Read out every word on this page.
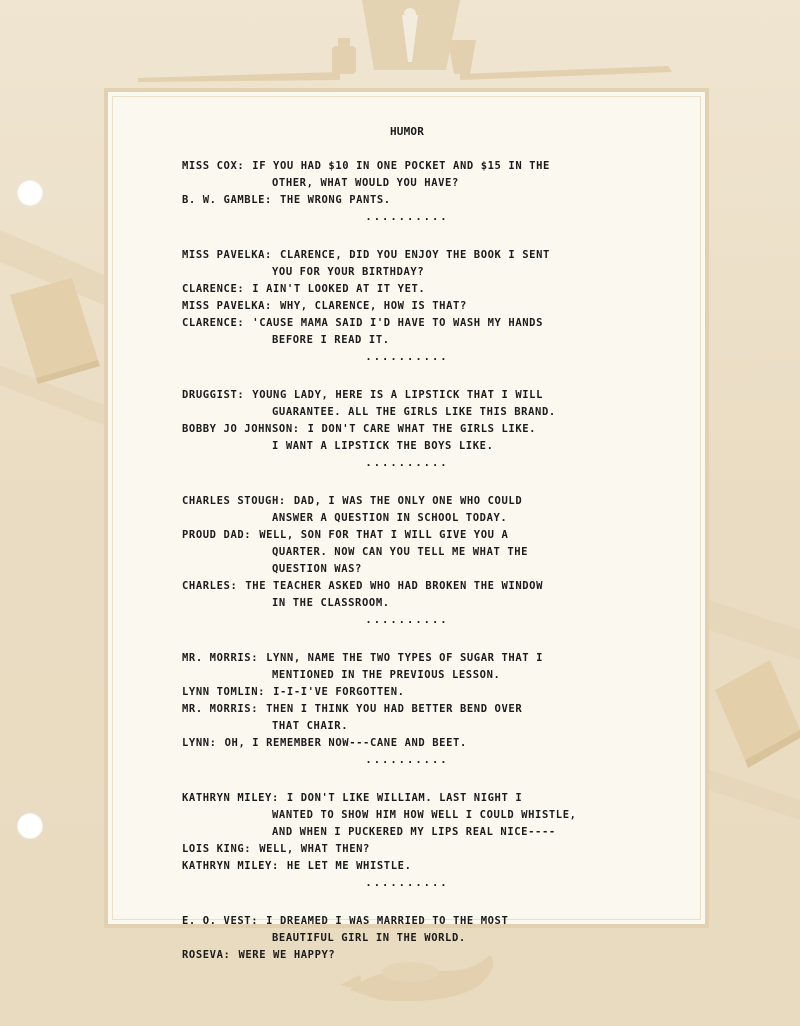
HUMOR
MISS COX: IF YOU HAD $10 IN ONE POCKET AND $15 IN THE
OTHER, WHAT WOULD YOU HAVE?
B. W. GAMBLE: THE WRONG PANTS.
..........
MISS PAVELKA: CLARENCE, DID YOU ENJOY THE BOOK I SENT
YOU FOR YOUR BIRTHDAY?
CLARENCE: I AIN'T LOOKED AT IT YET.
MISS PAVELKA: WHY, CLARENCE, HOW IS THAT?
CLARENCE: 'CAUSE MAMA SAID I'D HAVE TO WASH MY HANDS
BEFORE I READ IT.
..........
DRUGGIST: YOUNG LADY, HERE IS A LIPSTICK THAT I WILL
GUARANTEE. ALL THE GIRLS LIKE THIS BRAND.
BOBBY JO JOHNSON: I DON'T CARE WHAT THE GIRLS LIKE.
I WANT A LIPSTICK THE BOYS LIKE.
..........
CHARLES STOUGH: DAD, I WAS THE ONLY ONE WHO COULD
ANSWER A QUESTION IN SCHOOL TODAY.
PROUD DAD: WELL, SON FOR THAT I WILL GIVE YOU A
QUARTER. NOW CAN YOU TELL ME WHAT THE
QUESTION WAS?
CHARLES: THE TEACHER ASKED WHO HAD BROKEN THE WINDOW
IN THE CLASSROOM.
..........
MR. MORRIS: LYNN, NAME THE TWO TYPES OF SUGAR THAT I
MENTIONED IN THE PREVIOUS LESSON.
LYNN TOMLIN: I-I-I'VE FORGOTTEN.
MR. MORRIS: THEN I THINK YOU HAD BETTER BEND OVER
THAT CHAIR.
LYNN: OH, I REMEMBER NOW---CANE AND BEET.
..........
KATHRYN MILEY: I DON'T LIKE WILLIAM. LAST NIGHT I
WANTED TO SHOW HIM HOW WELL I COULD WHISTLE,
AND WHEN I PUCKERED MY LIPS REAL NICE----
LOIS KING: WELL, WHAT THEN?
KATHRYN MILEY: HE LET ME WHISTLE.
..........
E. O. VEST: I DREAMED I WAS MARRIED TO THE MOST
BEAUTIFUL GIRL IN THE WORLD.
ROSEVA: WERE WE HAPPY?
